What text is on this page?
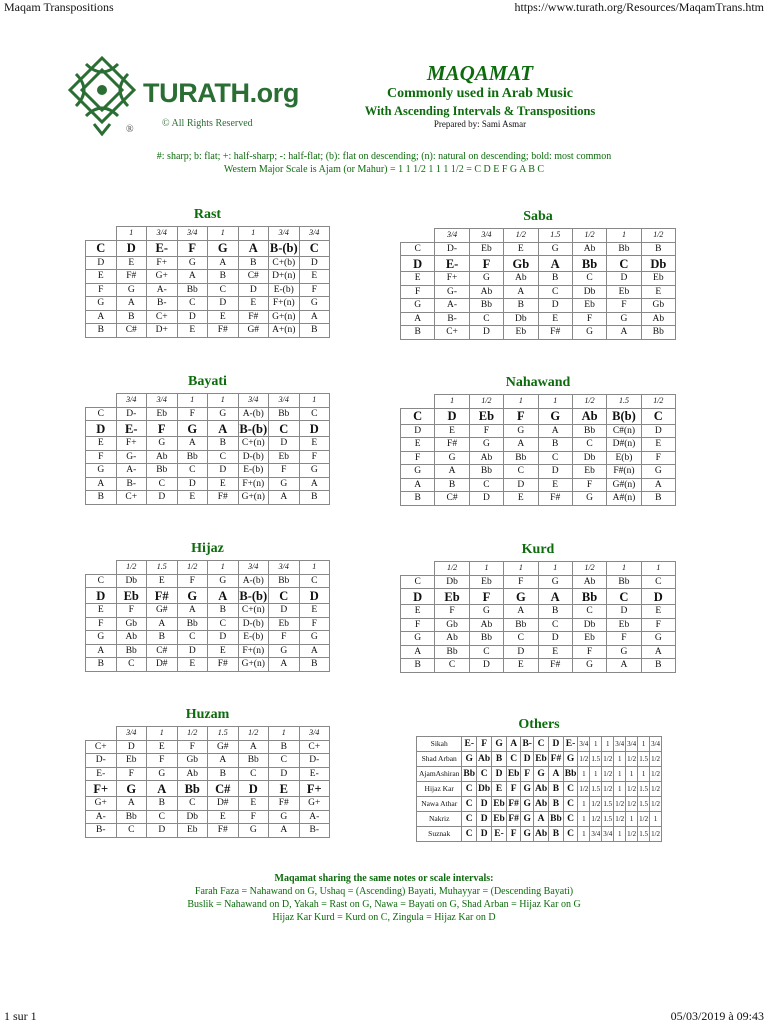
Maqam Transpositions	https://www.turath.org/Resources/MaqamTrans.htm
TURATH.org
®
© All Rights Reserved
MAQAMAT
Commonly used in Arab Music
With Ascending Intervals & Transpositions
Prepared by: Sami Asmar
#: sharp; b: flat; +: half-sharp; -: half-flat; (b): flat on descending; (n): natural on descending; bold: most common
Western Major Scale is Ajam (or Mahur) = 1 1 1/2 1 1 1 1/2 = C D E F G A B C
Rast
	1	3/4	3/4	1	1	3/4	3/4
C	D	E-	F	G	A	B-(b)	C
D	E	F+	G	A	B	C+(b)	D
E	F#	G+	A	B	C#	D+(n)	E
F	G	A-	Bb	C	D	E-(b)	F
G	A	B-	C	D	E	F+(n)	G
A	B	C+	D	E	F#	G+(n)	A
B	C#	D+	E	F#	G#	A+(n)	B
Saba
	3/4	3/4	1/2	1.5	1/2	1	1/2
C	D-	Eb	E	G	Ab	Bb	B
D	E-	F	Gb	A	Bb	C	Db
E	F+	G	Ab	B	C	D	Eb
F	G-	Ab	A	C	Db	Eb	E
G	A-	Bb	B	D	Eb	F	Gb
A	B-	C	Db	E	F	G	Ab
B	C+	D	Eb	F#	G	A	Bb
Bayati
	3/4	3/4	1	1	3/4	3/4	1
C	D-	Eb	F	G	A-(b)	Bb	C
D	E-	F	G	A	B-(b)	C	D
E	F+	G	A	B	C+(n)	D	E
F	G-	Ab	Bb	C	D-(b)	Eb	F
G	A-	Bb	C	D	E-(b)	F	G
A	B-	C	D	E	F+(n)	G	A
B	C+	D	E	F#	G+(n)	A	B
Nahawand
	1	1/2	1	1	1/2	1.5	1/2
C	D	Eb	F	G	Ab	B(b)	C
D	E	F	G	A	Bb	C#(n)	D
E	F#	G	A	B	C	D#(n)	E
F	G	Ab	Bb	C	Db	E(b)	F
G	A	Bb	C	D	Eb	F#(n)	G
A	B	C	D	E	F	G#(n)	A
B	C#	D	E	F#	G	A#(n)	B
Hijaz
	1/2	1.5	1/2	1	3/4	3/4	1
C	Db	E	F	G	A-(b)	Bb	C
D	Eb	F#	G	A	B-(b)	C	D
E	F	G#	A	B	C+(n)	D	E
F	Gb	A	Bb	C	D-(b)	Eb	F
G	Ab	B	C	D	E-(b)	F	G
A	Bb	C#	D	E	F+(n)	G	A
B	C	D#	E	F#	G+(n)	A	B
Kurd
	1/2	1	1	1	1/2	1	1
C	Db	Eb	F	G	Ab	Bb	C
D	Eb	F	G	A	Bb	C	D
E	F	G	A	B	C	D	E
F	Gb	Ab	Bb	C	Db	Eb	F
G	Ab	Bb	C	D	Eb	F	G
A	Bb	C	D	E	F	G	A
B	C	D	E	F#	G	A	B
Huzam
	3/4	1	1/2	1.5	1/2	1	3/4
C+	D	E	F	G#	A	B	C+
D-	Eb	F	Gb	A	Bb	C	D-
E-	F	G	Ab	B	C	D	E-
F+	G	A	Bb	C#	D	E	F+
G+	A	B	C	D#	E	F#	G+
A-	Bb	C	Db	E	F	G	A-
B-	C	D	Eb	F#	G	A	B-
Others
Sikah	E-	F	G	A	B-	C	D	E-	3/4	1	1	3/4	3/4	1	3/4
Shad Arban	G	Ab	B	C	D	Eb	F#	G	1/2	1.5	1/2	1	1/2	1.5	1/2
AjamAshiran	Bb	C	D	Eb	F	G	A	Bb	1	1	1/2	1	1	1	1/2
Hijaz Kar	C	Db	E	F	G	Ab	B	C	1/2	1.5	1/2	1	1/2	1.5	1/2
Nawa Athar	C	D	Eb	F#	G	Ab	B	C	1	1/2	1.5	1/2	1/2	1.5	1/2
Nakriz	C	D	Eb	F#	G	A	Bb	C	1	1/2	1.5	1/2	1	1/2	1
Suznak	C	D	E-	F	G	Ab	B	C	1	3/4	3/4	1	1/2	1.5	1/2
Maqamat sharing the same notes or scale intervals:
Farah Faza = Nahawand on G, Ushaq = (Ascending) Bayati, Muhayyar = (Descending Bayati)
Buslik = Nahawand on D, Yakah = Rast on G, Nawa = Bayati on G, Shad Arban = Hijaz Kar on G
Hijaz Kar Kurd = Kurd on C, Zingula = Hijaz Kar on D
1 sur 1	05/03/2019 à 09:43
